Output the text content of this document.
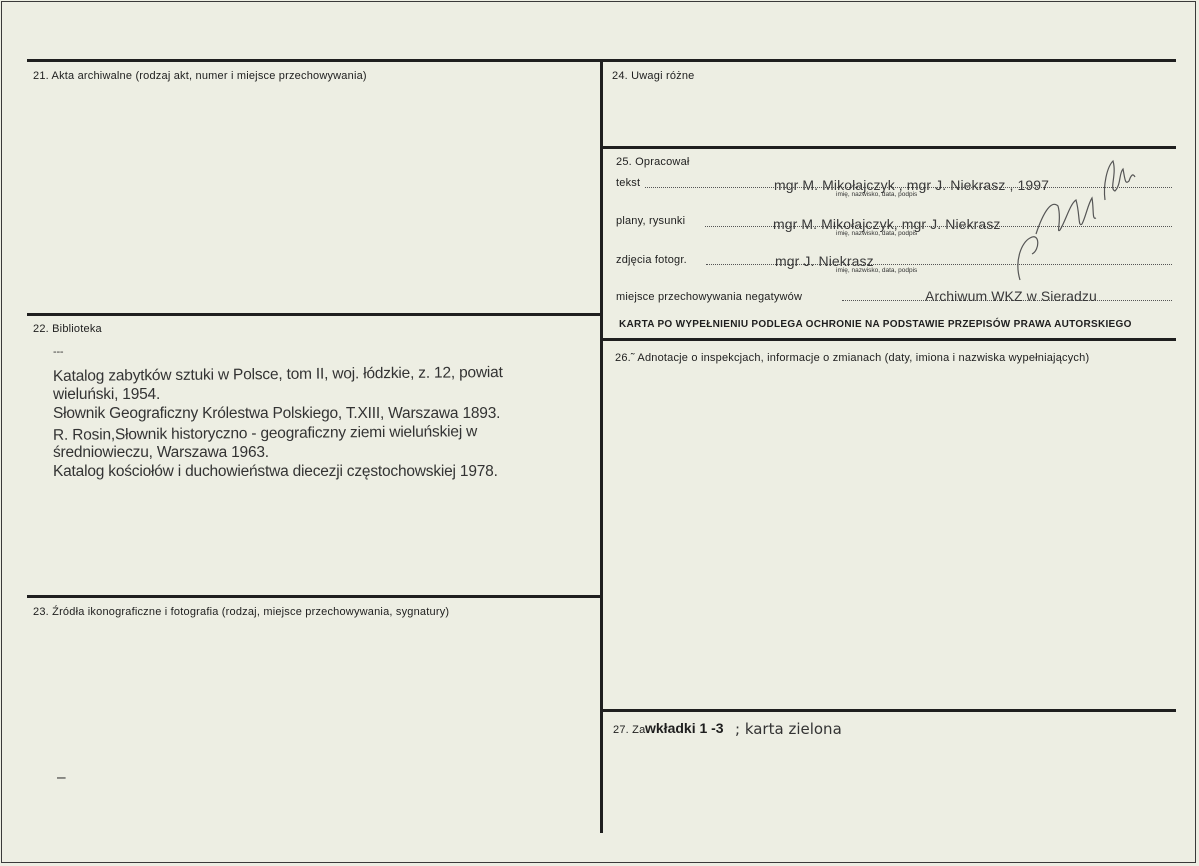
21. Akta archiwalne (rodzaj akt, numer i miejsce przechowywania)
22. Biblioteka
---
Katalog zabytków sztuki w Polsce, tom II, woj. łódzkie, z. 12, powiat
wieluński, 1954.
Słownik Geograficzny Królestwa Polskiego, T.XIII, Warszawa 1893.
R. Rosin,Słownik historyczno - geograficzny ziemi wieluńskiej w
średniowieczu, Warszawa 1963.
Katalog kościołów i duchowieństwa diecezji częstochowskiej 1978.
23. Źródła ikonograficzne i fotografia (rodzaj, miejsce przechowywania, sygnatury)
–
24. Uwagi różne
25. Opracował
tekst	mgr M. Mikołajczyk , mgr J. Niekrasz , 1997
imię, nazwisko, data, podpis
plany, rysunki	mgr M. Mikołajczyk, mgr J. Niekrasz
imię, nazwisko, data, podpis
zdjęcia fotogr.	mgr J. Niekrasz
imię, nazwisko, data, podpis
miejsce przechowywania negatywów	Archiwum WKZ w Sieradzu
KARTA PO WYPEŁNIENIU PODLEGA OCHRONIE NA PODSTAWIE PRZEPISÓW PRAWA AUTORSKIEGO
26.˜ Adnotacje o inspekcjach, informacje o zmianach (daty, imiona i nazwiska wypełniających)
27. Za wkładki 1 -3 ; karta zielona
